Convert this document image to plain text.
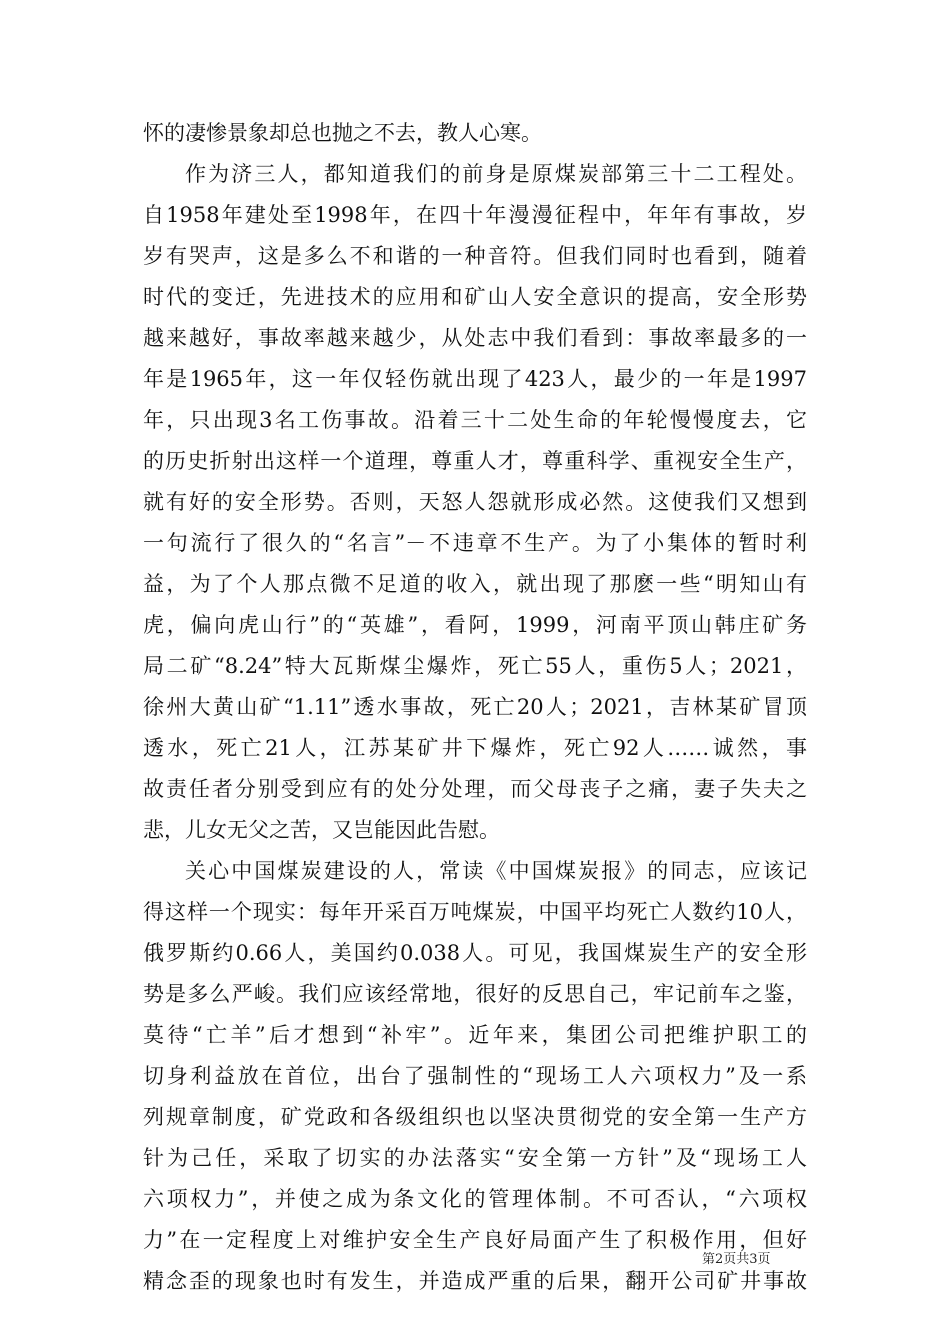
怀的凄惨景象却总也抛之不去，教人心寒。
作为济三人，都知道我们的前身是原煤炭部第三十二工程处。
自1958年建处至1998年，在四十年漫漫征程中，年年有事故，岁
岁有哭声，这是多么不和谐的一种音符。但我们同时也看到，随着
时代的变迁，先进技术的应用和矿山人安全意识的提高，安全形势
越来越好，事故率越来越少，从处志中我们看到：事故率最多的一
年是1965年，这一年仅轻伤就出现了423人，最少的一年是1997
年，只出现3名工伤事故。沿着三十二处生命的年轮慢慢度去，它
的历史折射出这样一个道理，尊重人才，尊重科学、重视安全生产，
就有好的安全形势。否则，天怒人怨就形成必然。这使我们又想到
一句流行了很久的“名言”－不违章不生产。为了小集体的暂时利
益，为了个人那点微不足道的收入，就出现了那麽一些“明知山有
虎，偏向虎山行”的“英雄”，看阿，1999，河南平顶山韩庄矿务
局二矿“8.24”特大瓦斯煤尘爆炸，死亡55人，重伤5人；2021，
徐州大黄山矿“1.11”透水事故，死亡20人；2021，吉林某矿冒顶
透水，死亡21人，江苏某矿井下爆炸，死亡92人……诚然，事
故责任者分别受到应有的处分处理，而父母丧子之痛，妻子失夫之
悲，儿女无父之苦，又岂能因此告慰。
关心中国煤炭建设的人，常读《中国煤炭报》的同志，应该记
得这样一个现实：每年开采百万吨煤炭，中国平均死亡人数约10人，
俄罗斯约0.66人，美国约0.038人。可见，我国煤炭生产的安全形
势是多么严峻。我们应该经常地，很好的反思自己，牢记前车之鉴，
莫待“亡羊”后才想到“补牢”。近年来，集团公司把维护职工的
切身利益放在首位，出台了强制性的“现场工人六项权力”及一系
列规章制度，矿党政和各级组织也以坚决贯彻党的安全第一生产方
针为己任，采取了切实的办法落实“安全第一方针”及“现场工人
六项权力”，并使之成为条文化的管理体制。不可否认，“六项权
力”在一定程度上对维护安全生产良好局面产生了积极作用，但好
精念歪的现象也时有发生，并造成严重的后果，翻开公司矿井事故
第2页共3页
